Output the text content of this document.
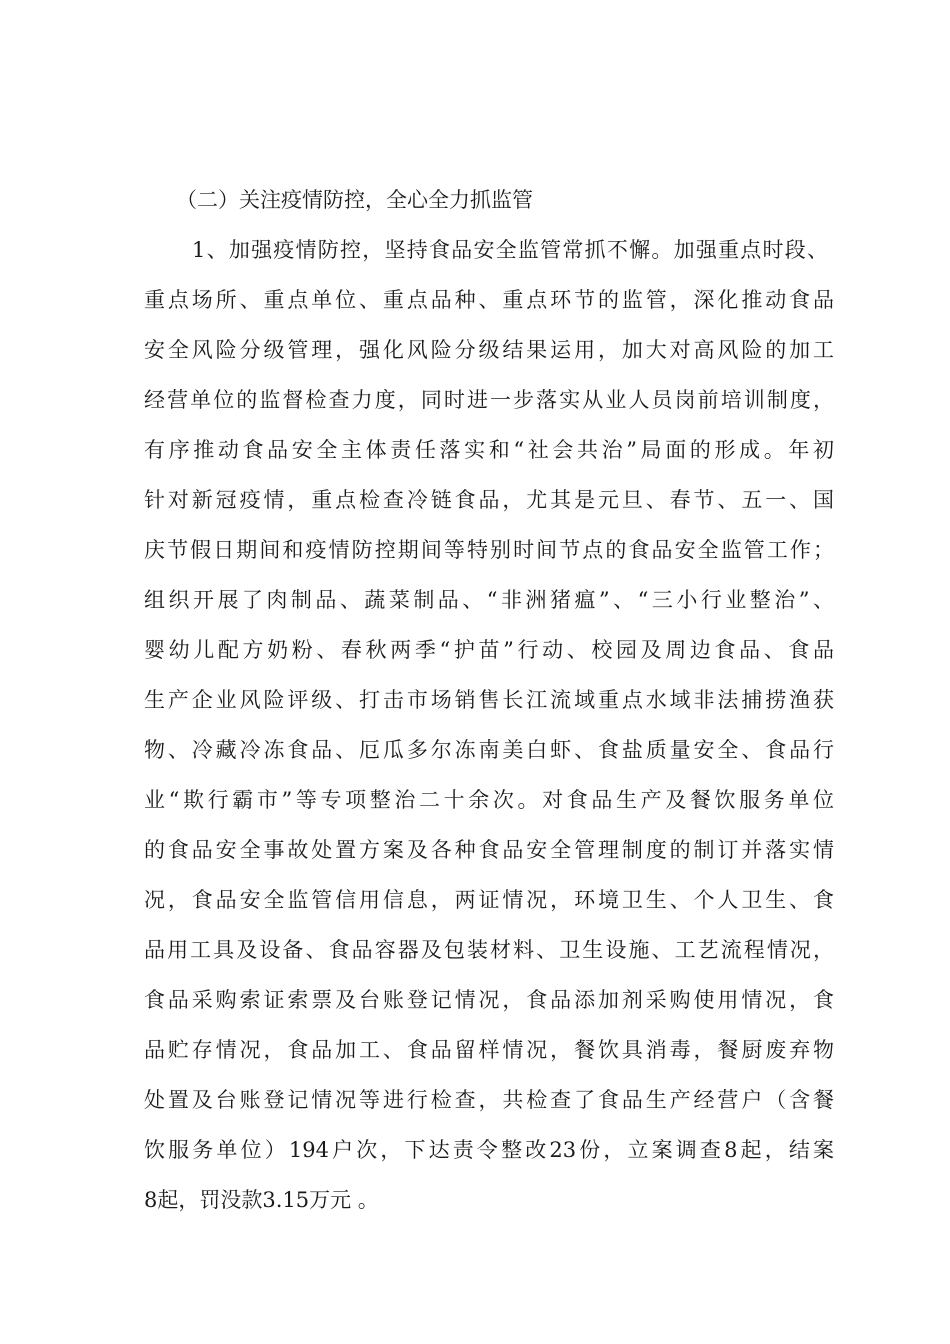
（二）关注疫情防控，全心全力抓监管
1、加强疫情防控，坚持食品安全监管常抓不懈。加强重点时段、
重点场所、重点单位、重点品种、重点环节的监管，深化推动食品
安全风险分级管理，强化风险分级结果运用，加大对高风险的加工
经营单位的监督检查力度，同时进一步落实从业人员岗前培训制度，
有序推动食品安全主体责任落实和“社会共治”局面的形成。年初
针对新冠疫情，重点检查冷链食品，尤其是元旦、春节、五一、国
庆节假日期间和疫情防控期间等特别时间节点的食品安全监管工作；
组织开展了肉制品、蔬菜制品、“非洲猪瘟”、“三小行业整治”、
婴幼儿配方奶粉、春秋两季“护苗”行动、校园及周边食品、食品
生产企业风险评级、打击市场销售长江流域重点水域非法捕捞渔获
物、冷藏冷冻食品、厄瓜多尔冻南美白虾、食盐质量安全、食品行
业“欺行霸市”等专项整治二十余次。对食品生产及餐饮服务单位
的食品安全事故处置方案及各种食品安全管理制度的制订并落实情
况，食品安全监管信用信息，两证情况，环境卫生、个人卫生、食
品用工具及设备、食品容器及包装材料、卫生设施、工艺流程情况，
食品采购索证索票及台账登记情况，食品添加剂采购使用情况，食
品贮存情况，食品加工、食品留样情况，餐饮具消毒，餐厨废弃物
处置及台账登记情况等进行检查，共检查了食品生产经营户（含餐
饮服务单位）194户次，下达责令整改23份，立案调查8起，结案
8起，罚没款3.15万元 。
